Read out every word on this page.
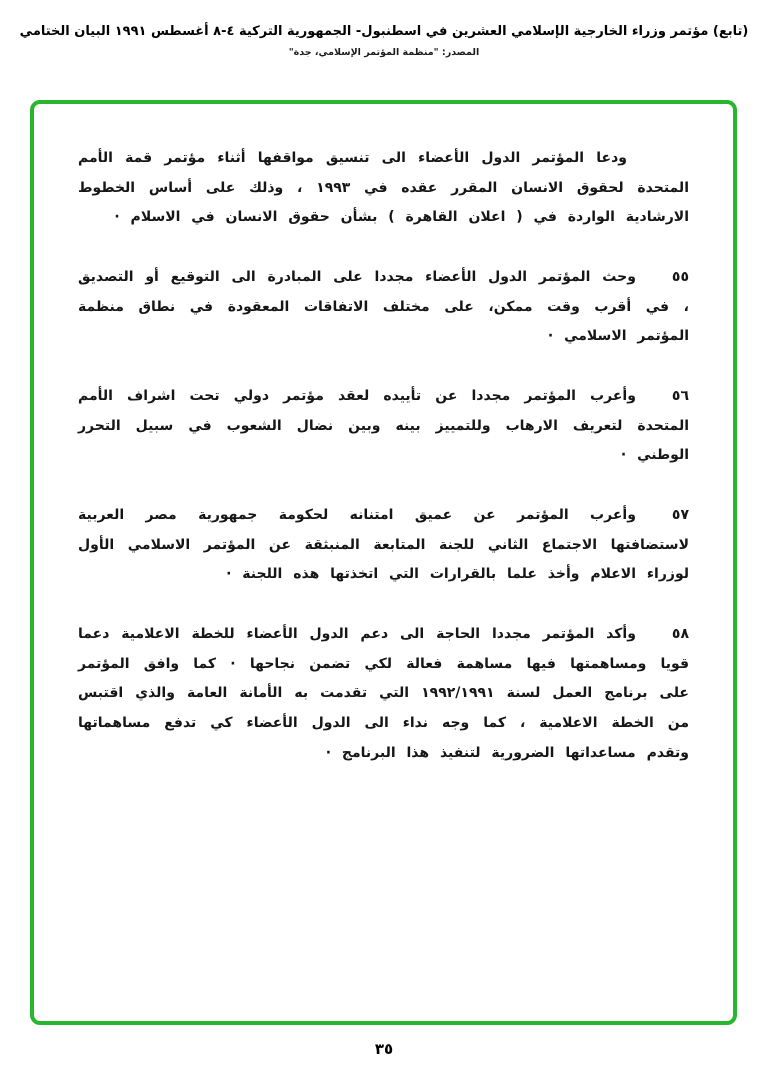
(تابع) مؤتمر وزراء الخارجية الإسلامي العشرين في اسطنبول- الجمهورية التركية ٤-٨ أغسطس ١٩٩١ البيان الختامي
المصدر: "منظمة المؤتمر الإسلامي، جدة"

ودعا المؤتمر الدول الأعضاء الى تنسيق مواقفها أثناء مؤتمر قمة الأمم المتحدة لحقوق الانسان المقرر عقده في ١٩٩٣ ، وذلك على أساس الخطوط الارشادية الواردة في ( اعلان القاهرة ) بشأن حقوق الانسان في الاسلام ·

٥٥وحث المؤتمر الدول الأعضاء مجددا على المبادرة الى التوقيع أو التصديق ، في أقرب وقت ممكن، على مختلف الاتفاقات المعقودة في نطاق منظمة المؤتمر الاسلامي ·

٥٦وأعرب المؤتمر مجددا عن تأييده لعقد مؤتمر دولي تحت اشراف الأمم المتحدة لتعريف الارهاب وللتمييز بينه وبين نضال الشعوب في سبيل التحرر الوطني ·

٥٧وأعرب المؤتمر عن عميق امتنانه لحكومة جمهورية مصر العربية لاستضافتها الاجتماع الثاني للجنة المتابعة المنبثقة عن المؤتمر الاسلامي الأول لوزراء الاعلام وأخذ علما بالقرارات التي اتخذتها هذه اللجنة ·

٥٨وأكد المؤتمر مجددا الحاجة الى دعم الدول الأعضاء للخطة الاعلامية دعما قويا ومساهمتها فيها مساهمة فعالة لكي تضمن نجاحها · كما وافق المؤتمر على برنامج العمل لسنة ١٩٩٢/١٩٩١ التي تقدمت به الأمانة العامة والذي اقتبس من الخطة الاعلامية ، كما وجه نداء الى الدول الأعضاء كي تدفع مساهماتها وتقدم مساعداتها الضرورية لتنفيذ هذا البرنامج ·

٣٥
